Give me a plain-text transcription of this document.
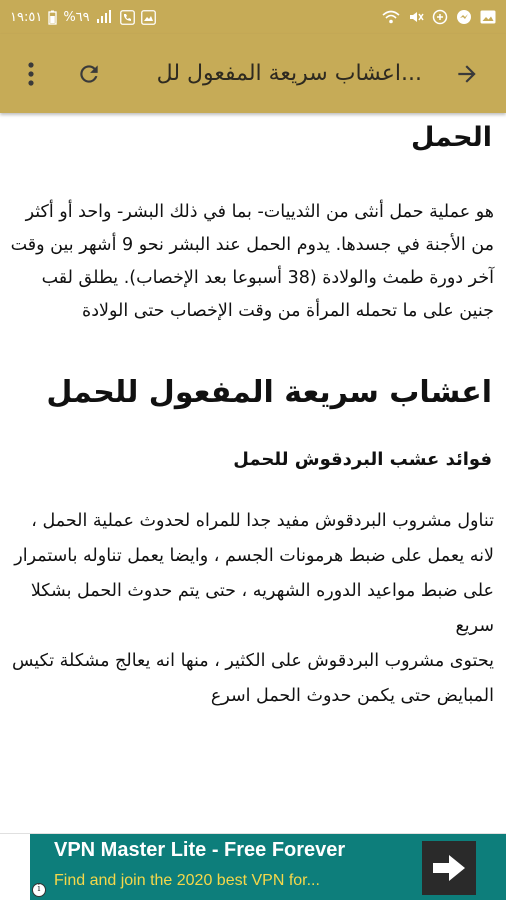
١٩:٥١ %٦٩
اعشاب سريعة المفعول لل...
الحمل

هو عملية حمل أنثى من الثدييات- بما في ذلك البشر- واحد أو أكثر من الأجنة في جسدها. يدوم الحمل عند البشر نحو 9 أشهر بين وقت آخر دورة طمث والولادة (38 أسبوعا بعد الإخصاب). يطلق لقب جنين على ما تحمله المرأة من وقت الإخصاب حتى الولادة

اعشاب سريعة المفعول للحمل
فوائد عشب البردقوش للحمل

تناول مشروب البردقوش مفيد جدا للمراه لحدوث عملية الحمل ، لانه يعمل على ضبط هرمونات الجسم ، وايضا يعمل تناوله باستمرار على ضبط مواعيد الدوره الشهريه ، حتى يتم حدوث الحمل بشكلا سريع

يحتوى مشروب البردقوش على الكثير ، منها انه يعالج مشكلة تكيس المبايض حتى يكمن حدوث الحمل اسرع

VPN Master Lite - Free Forever
Find and join the 2020 best VPN for...
i
